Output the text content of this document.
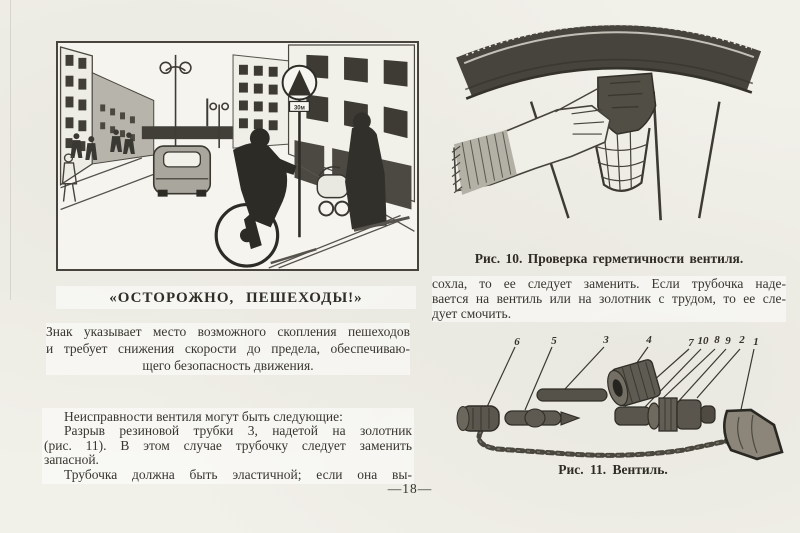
30м
«ОСТОРОЖНО, ПЕШЕХОДЫ!»
Знак указывает место возможного скопления пешеходов
и требует снижения скорости до предела, обеспечиваю-
щего безопасность движения.
Неисправности вентиля могут быть следующие:
Разрыв резиновой трубки 3, надетой на золотник
(рис. 11). В этом случае трубочку следует заменить
запасной.
Трубочка должна быть эластичной; если она вы-
Рис. 10. Проверка герметичности вентиля.
сохла, то ее следует заменить. Если трубочка наде-
вается на вентиль или на золотник с трудом, то ее сле-
дует смочить.
6	5	3	4	7 10 8 9 2 1
Рис. 11. Вентиль.
—18—
